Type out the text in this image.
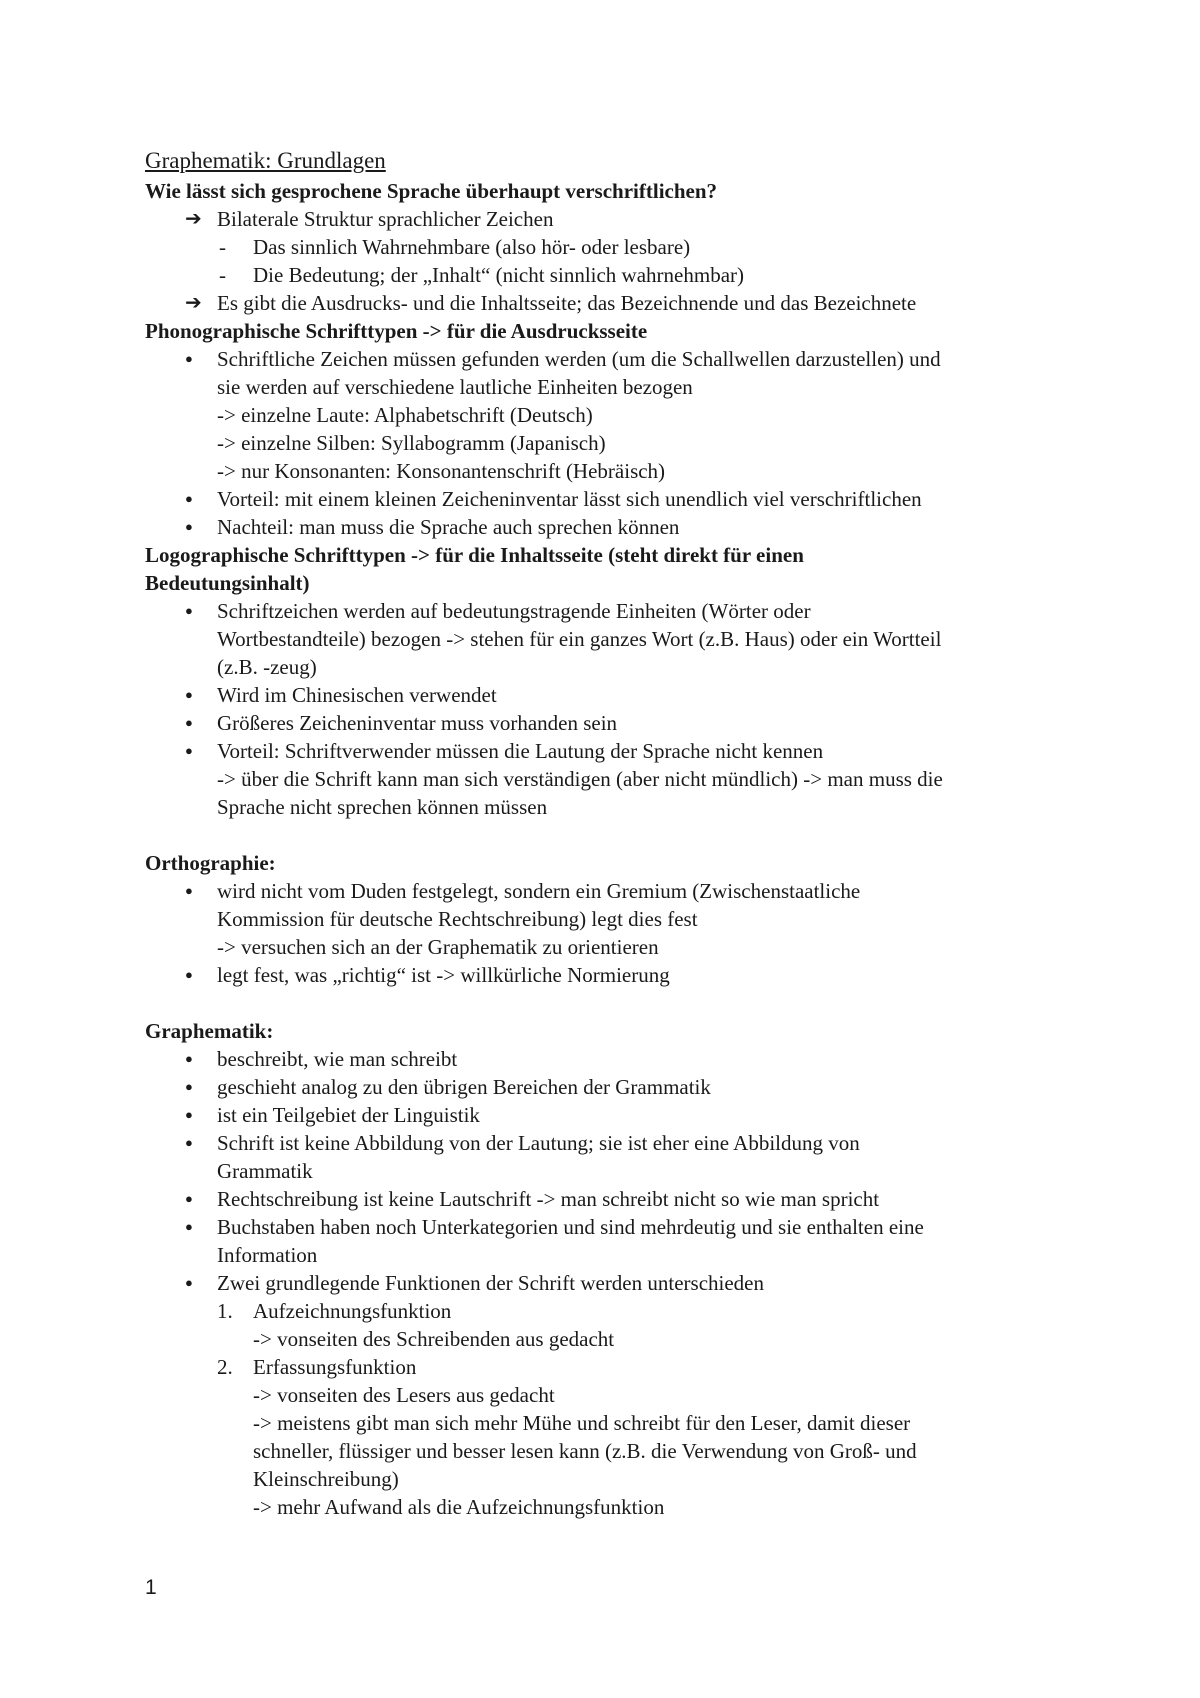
Graphematik: Grundlagen
Wie lässt sich gesprochene Sprache überhaupt verschriftlichen?
➔ Bilaterale Struktur sprachlicher Zeichen
- Das sinnlich Wahrnehmbare (also hör- oder lesbare)
- Die Bedeutung; der „Inhalt“ (nicht sinnlich wahrnehmbar)
➔ Es gibt die Ausdrucks- und die Inhaltsseite; das Bezeichnende und das Bezeichnete
Phonographische Schrifttypen -> für die Ausdrucksseite
● Schriftliche Zeichen müssen gefunden werden (um die Schallwellen darzustellen) und
sie werden auf verschiedene lautliche Einheiten bezogen
-> einzelne Laute: Alphabetschrift (Deutsch)
-> einzelne Silben: Syllabogramm (Japanisch)
-> nur Konsonanten: Konsonantenschrift (Hebräisch)
● Vorteil: mit einem kleinen Zeicheninventar lässt sich unendlich viel verschriftlichen
● Nachteil: man muss die Sprache auch sprechen können
Logographische Schrifttypen -> für die Inhaltsseite (steht direkt für einen
Bedeutungsinhalt)
● Schriftzeichen werden auf bedeutungstragende Einheiten (Wörter oder
Wortbestandteile) bezogen -> stehen für ein ganzes Wort (z.B. Haus) oder ein Wortteil
(z.B. -zeug)
● Wird im Chinesischen verwendet
● Größeres Zeicheninventar muss vorhanden sein
● Vorteil: Schriftverwender müssen die Lautung der Sprache nicht kennen
-> über die Schrift kann man sich verständigen (aber nicht mündlich) -> man muss die
Sprache nicht sprechen können müssen
Orthographie:
● wird nicht vom Duden festgelegt, sondern ein Gremium (Zwischenstaatliche
Kommission für deutsche Rechtschreibung) legt dies fest
-> versuchen sich an der Graphematik zu orientieren
● legt fest, was „richtig“ ist -> willkürliche Normierung
Graphematik:
● beschreibt, wie man schreibt
● geschieht analog zu den übrigen Bereichen der Grammatik
● ist ein Teilgebiet der Linguistik
● Schrift ist keine Abbildung von der Lautung; sie ist eher eine Abbildung von
Grammatik
● Rechtschreibung ist keine Lautschrift -> man schreibt nicht so wie man spricht
● Buchstaben haben noch Unterkategorien und sind mehrdeutig und sie enthalten eine
Information
● Zwei grundlegende Funktionen der Schrift werden unterschieden
1. Aufzeichnungsfunktion
-> vonseiten des Schreibenden aus gedacht
2. Erfassungsfunktion
-> vonseiten des Lesers aus gedacht
-> meistens gibt man sich mehr Mühe und schreibt für den Leser, damit dieser
schneller, flüssiger und besser lesen kann (z.B. die Verwendung von Groß- und
Kleinschreibung)
-> mehr Aufwand als die Aufzeichnungsfunktion
1
